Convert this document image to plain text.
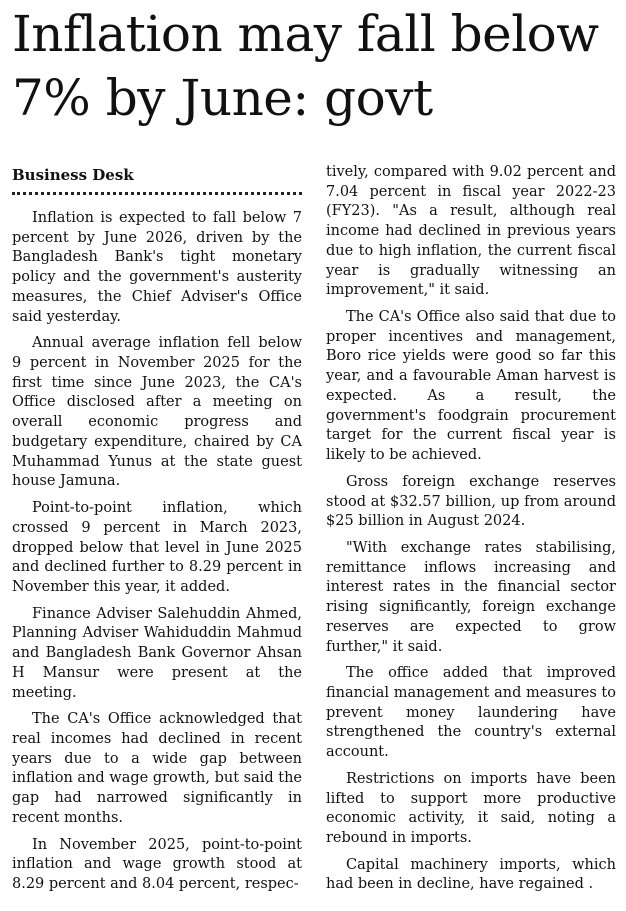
Inflation may fall below 7% by June: govt
Business Desk

Inflation is expected to fall below 7 percent by June 2026, driven by the Bangladesh Bank's tight monetary policy and the government's austerity measures, the Chief Adviser's Office said yesterday.

Annual average inflation fell below 9 percent in November 2025 for the first time since June 2023, the CA's Office disclosed after a meeting on overall economic progress and budgetary expenditure, chaired by CA Muhammad Yunus at the state guest house Jamuna.

Point-to-point inflation, which crossed 9 percent in March 2023, dropped below that level in June 2025 and declined further to 8.29 percent in November this year, it added.

Finance Adviser Salehuddin Ahmed, Planning Adviser Wahiduddin Mahmud and Bangladesh Bank Governor Ahsan H Mansur were present at the meeting.

The CA's Office acknowledged that real incomes had declined in recent years due to a wide gap between inflation and wage growth, but said the gap had narrowed significantly in recent months.

In November 2025, point-to-point inflation and wage growth stood at 8.29 percent and 8.04 percent, respec-

tively, compared with 9.02 percent and 7.04 percent in fiscal year 2022-23 (FY23). "As a result, although real income had declined in previous years due to high inflation, the current fiscal year is gradually witnessing an improvement," it said.

The CA's Office also said that due to proper incentives and management, Boro rice yields were good so far this year, and a favourable Aman harvest is expected. As a result, the government's foodgrain procurement target for the current fiscal year is likely to be achieved.

Gross foreign exchange reserves stood at $32.57 billion, up from around $25 billion in August 2024.

"With exchange rates stabilising, remittance inflows increasing and interest rates in the financial sector rising significantly, foreign exchange reserves are expected to grow further," it said.

The office added that improved financial management and measures to prevent money laundering have strengthened the country's external account.

Restrictions on imports have been lifted to support more productive economic activity, it said, noting a rebound in imports.

Capital machinery imports, which had been in decline, have regained .
